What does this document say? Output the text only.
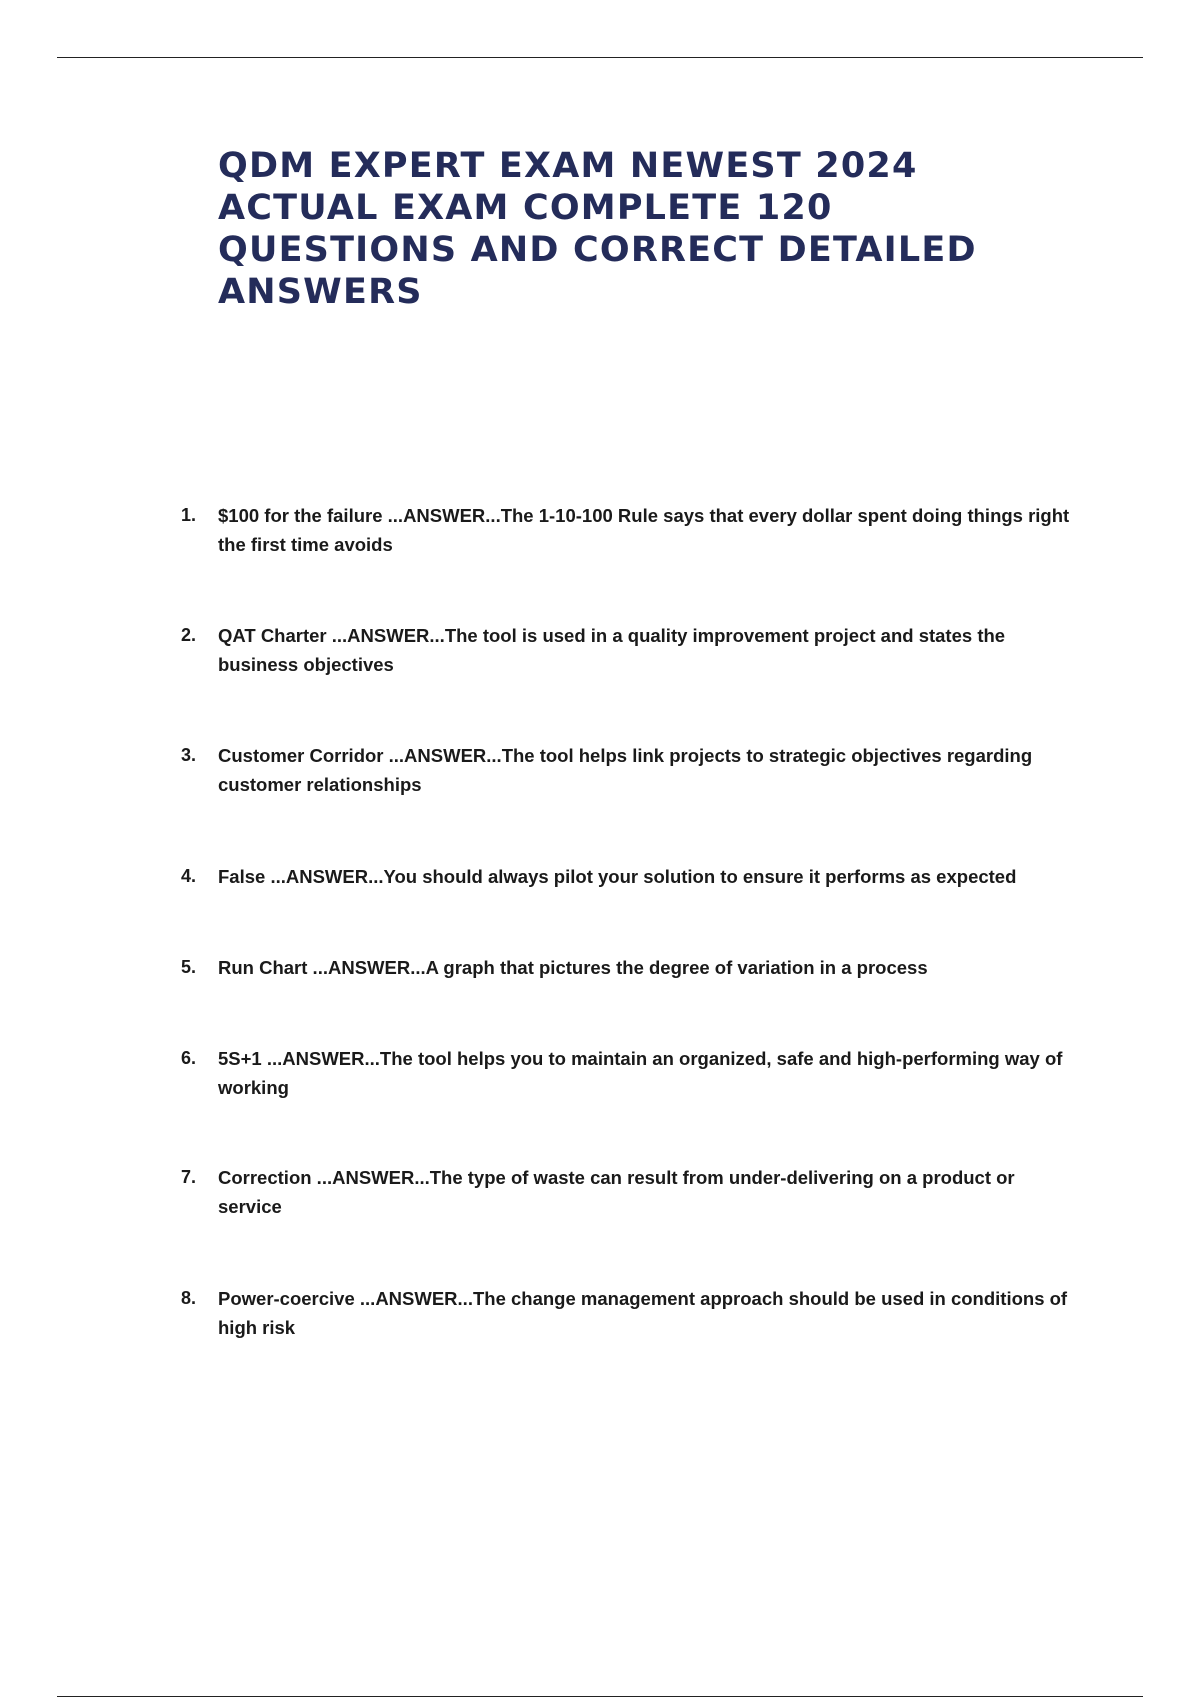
QDM EXPERT EXAM NEWEST 2024 ACTUAL EXAM COMPLETE 120 QUESTIONS AND CORRECT DETAILED ANSWERS
1.	$100 for the failure ...ANSWER...The 1-10-100 Rule says that every dollar spent doing things right the first time avoids
2.	QAT Charter ...ANSWER...The tool is used in a quality improvement project and states the business objectives
3.	Customer Corridor ...ANSWER...The tool helps link projects to strategic objectives regarding customer relationships
4.	False ...ANSWER...You should always pilot your solution to ensure it performs as expected
5.	Run Chart ...ANSWER...A graph that pictures the degree of variation in a process
6.	5S+1 ...ANSWER...The tool helps you to maintain an organized, safe and high-performing way of working
7.	Correction ...ANSWER...The type of waste can result from under-delivering on a product or service
8.	Power-coercive ...ANSWER...The change management approach should be used in conditions of high risk
